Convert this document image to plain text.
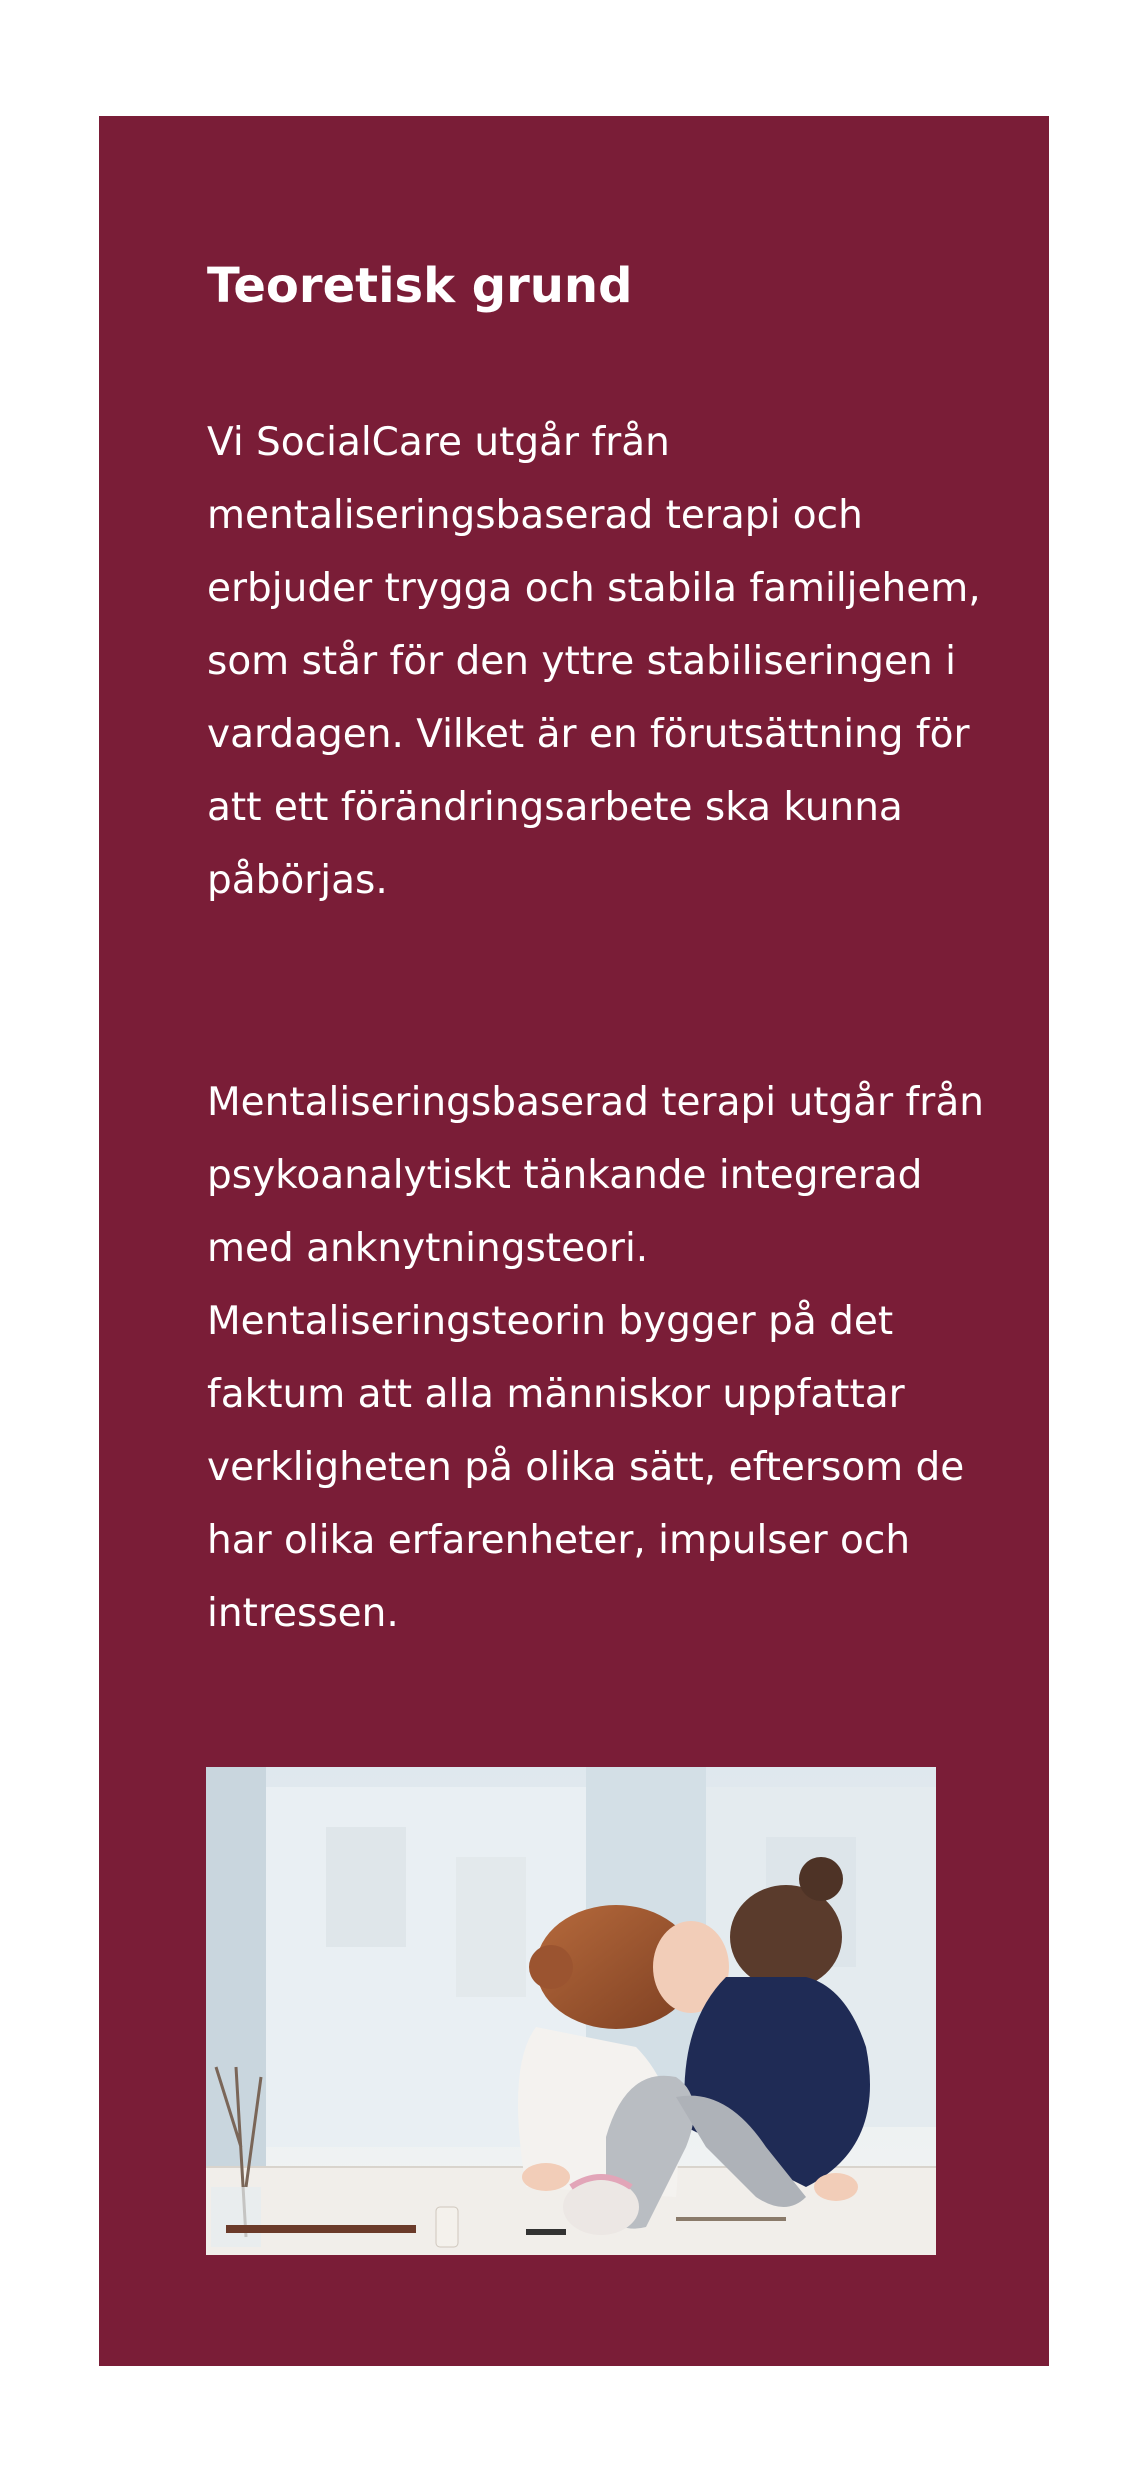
Teoretisk grund

Vi SocialCare utgår från mentaliseringsbaserad terapi och erbjuder trygga och stabila familjehem, som står för den yttre stabiliseringen i vardagen. Vilket är en förutsättning för att ett förändringsarbete ska kunna påbörjas.

Mentaliseringsbaserad terapi utgår från psykoanalytiskt tänkande integrerad med anknytningsteori. Mentaliseringsteorin bygger på det faktum att alla människor uppfattar verkligheten på olika sätt, eftersom de har olika erfarenheter, impulser och intressen.
